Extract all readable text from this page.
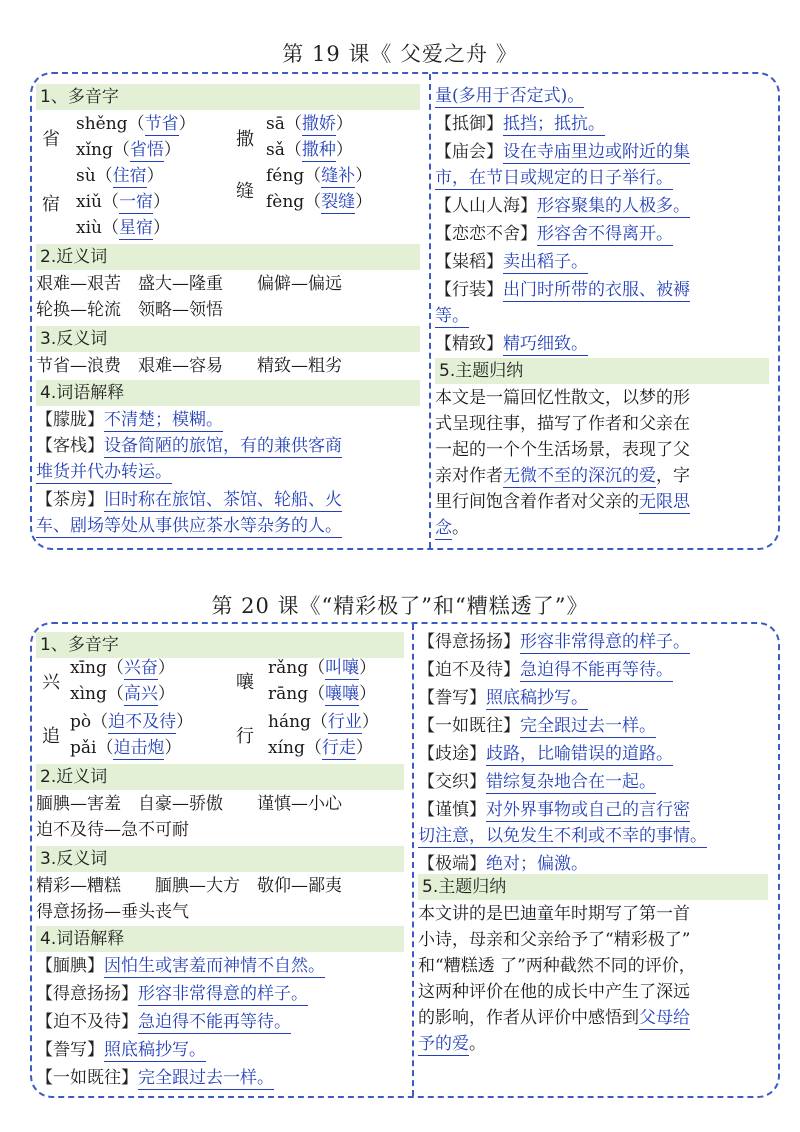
第 19 课《 父爱之舟 》
1、多音字
省
宿
撒
缝
shěng（节省）
xǐng（省悟）
sù（住宿）
xiǔ（一宿）
xiù（星宿）
sā（撒娇）
sǎ（撒种）
féng（缝补）
fèng（裂缝）
2.近义词
艰难—艰苦　盛大—隆重　　偏僻—偏远
轮换—轮流　领略—领悟
3.反义词
节省—浪费　艰难—容易　　精致—粗劣
4.词语解释
【朦胧】不清楚；模糊。
【客栈】设备简陋的旅馆，有的兼供客商
堆货并代办转运。
【茶房】旧时称在旅馆、茶馆、轮船、火
车、剧场等处从事供应茶水等杂务的人。
量(多用于否定式)。
【抵御】抵挡；抵抗。
【庙会】设在寺庙里边或附近的集
市，在节日或规定的日子举行。
【人山人海】形容聚集的人极多。
【恋恋不舍】形容舍不得离开。
【粜稻】卖出稻子。
【行装】出门时所带的衣服、被褥
等。
【精致】精巧细致。
5.主题归纳
本文是一篇回忆性散文，以梦的形
式呈现往事，描写了作者和父亲在
一起的一个个生活场景，表现了父
亲对作者无微不至的深沉的爱，字
里行间饱含着作者对父亲的无限思
念。
第 20 课《“精彩极了”和“糟糕透了”》
1、多音字
兴
追
嚷
行
xīng（兴奋）
xìng（高兴）
pò（迫不及待）
pǎi（迫击炮）
rǎng（叫嚷）
rāng（嚷嚷）
háng（行业）
xíng（行走）
2.近义词
腼腆—害羞　自豪—骄傲　　谨慎—小心
迫不及待—急不可耐
3.反义词
精彩—糟糕　　腼腆—大方　敬仰—鄙夷
得意扬扬—垂头丧气
4.词语解释
【腼腆】因怕生或害羞而神情不自然。
【得意扬扬】形容非常得意的样子。
【迫不及待】急迫得不能再等待。
【誊写】照底稿抄写。
【一如既往】完全跟过去一样。
【得意扬扬】形容非常得意的样子。
【迫不及待】急迫得不能再等待。
【誊写】照底稿抄写。
【一如既往】完全跟过去一样。
【歧途】歧路，比喻错误的道路。
【交织】错综复杂地合在一起。
【谨慎】对外界事物或自己的言行密
切注意，以免发生不利或不幸的事情。
【极端】绝对；偏激。
5.主题归纳
本文讲的是巴迪童年时期写了第一首
小诗，母亲和父亲给予了“精彩极了”
和“糟糕透 了”两种截然不同的评价，
这两种评价在他的成长中产生了深远
的影响，作者从评价中感悟到父母给
予的爱。
